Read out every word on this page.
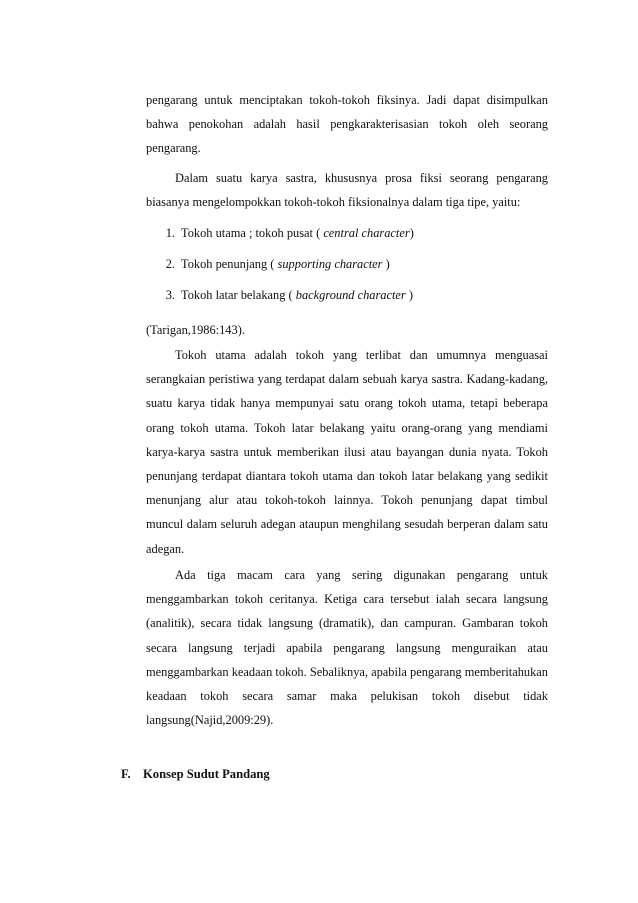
pengarang untuk menciptakan tokoh-tokoh fiksinya. Jadi dapat disimpulkan bahwa penokohan adalah hasil pengkarakterisasian tokoh oleh seorang pengarang.

Dalam suatu karya sastra, khususnya prosa fiksi seorang pengarang biasanya mengelompokkan tokoh-tokoh fiksionalnya dalam tiga tipe, yaitu:

1. Tokoh utama ; tokoh pusat ( central character)
2. Tokoh penunjang ( supporting character )
3. Tokoh latar belakang ( background character )

(Tarigan,1986:143).

Tokoh utama adalah tokoh yang terlibat dan umumnya menguasai serangkaian peristiwa yang terdapat dalam sebuah karya sastra. Kadang-kadang, suatu karya tidak hanya mempunyai satu orang tokoh utama, tetapi beberapa orang tokoh utama. Tokoh latar belakang yaitu orang-orang yang mendiami karya-karya sastra untuk memberikan ilusi atau bayangan dunia nyata. Tokoh penunjang terdapat diantara tokoh utama dan tokoh latar belakang yang sedikit menunjang alur atau tokoh-tokoh lainnya. Tokoh penunjang dapat timbul muncul dalam seluruh adegan ataupun menghilang sesudah berperan dalam satu adegan.

Ada tiga macam cara yang sering digunakan pengarang untuk menggambarkan tokoh ceritanya. Ketiga cara tersebut ialah secara langsung (analitik), secara tidak langsung (dramatik), dan campuran. Gambaran tokoh secara langsung terjadi apabila pengarang langsung menguraikan atau menggambarkan keadaan tokoh. Sebaliknya, apabila pengarang memberitahukan keadaan tokoh secara samar maka pelukisan tokoh disebut tidak langsung(Najid,2009:29).

F. Konsep Sudut Pandang
